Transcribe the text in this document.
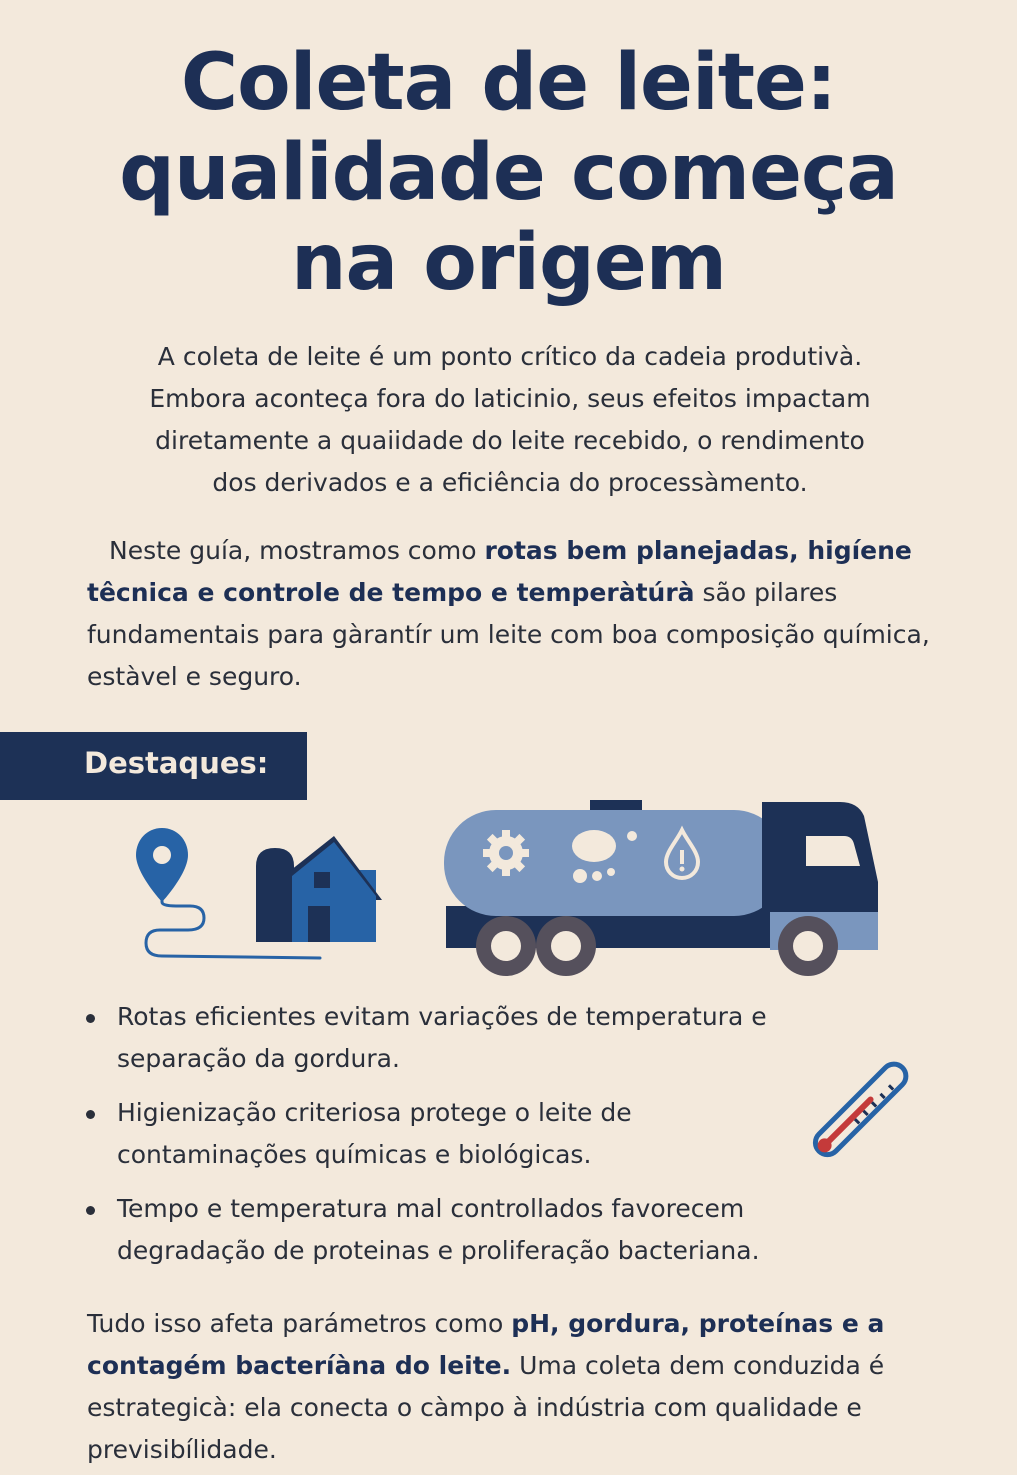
Coleta de leite:
qualidade começa
na origem

A coleta de leite é um ponto crítico da cadeia produtivà.
Embora aconteça fora do laticinio, seus efeitos impactam
diretamente a quaiidade do leite recebido, o rendimento
dos derivados e a eficiência do processàmento.

Neste guía, mostramos como rotas bem planejadas, higíene têcnica e controle de tempo e temperàtúrà são pilares fundamentais para gàrantír um leite com boa composição química, estàvel e seguro.

Destaques:
Rotas eficientes evitam variações de temperatura e separação da gordura.
Higienização criteriosa protege o leite de contaminações químicas e biológicas.
Tempo e temperatura mal controllados favorecem degradação de proteinas e proliferação bacteriana.

Tudo isso afeta parámetros como pH, gordura, proteínas e a contagém bacteríàna do leite. Uma coleta dem conduzida é estrategicà: ela conecta o càmpo à indústria com qualidade e previsibílidade.
